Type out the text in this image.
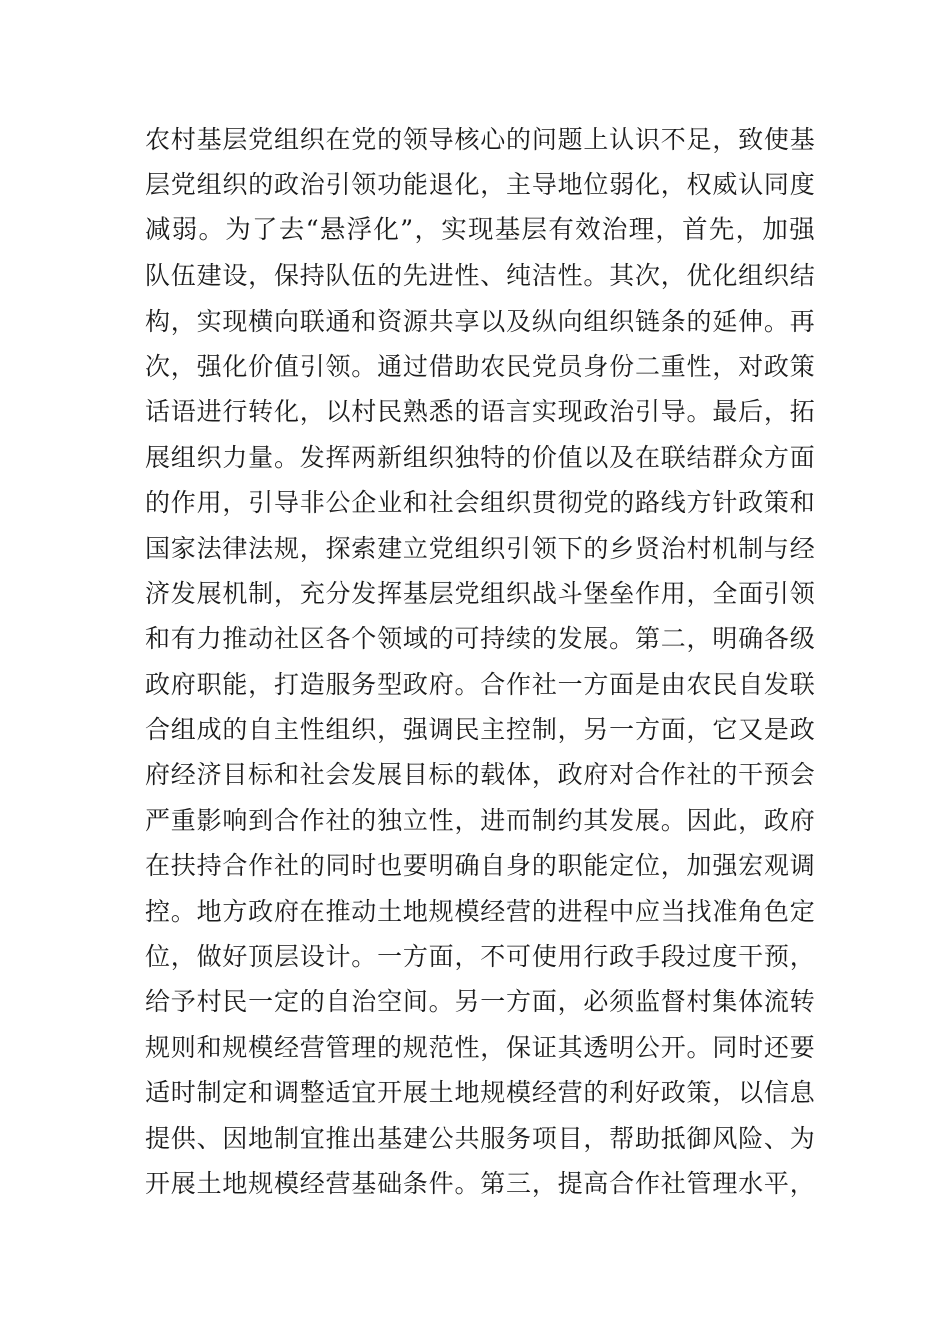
农村基层党组织在党的领导核心的问题上认识不足，致使基
层党组织的政治引领功能退化，主导地位弱化，权威认同度
减弱。为了去“悬浮化”，实现基层有效治理，首先，加强
队伍建设，保持队伍的先进性、纯洁性。其次，优化组织结
构，实现横向联通和资源共享以及纵向组织链条的延伸。再
次，强化价值引领。通过借助农民党员身份二重性，对政策
话语进行转化，以村民熟悉的语言实现政治引导。最后，拓
展组织力量。发挥两新组织独特的价值以及在联结群众方面
的作用，引导非公企业和社会组织贯彻党的路线方针政策和
国家法律法规，探索建立党组织引领下的乡贤治村机制与经
济发展机制，充分发挥基层党组织战斗堡垒作用，全面引领
和有力推动社区各个领域的可持续的发展。第二，明确各级
政府职能，打造服务型政府。合作社一方面是由农民自发联
合组成的自主性组织，强调民主控制，另一方面，它又是政
府经济目标和社会发展目标的载体，政府对合作社的干预会
严重影响到合作社的独立性，进而制约其发展。因此，政府
在扶持合作社的同时也要明确自身的职能定位，加强宏观调
控。地方政府在推动土地规模经营的进程中应当找准角色定
位，做好顶层设计。一方面，不可使用行政手段过度干预，
给予村民一定的自治空间。另一方面，必须监督村集体流转
规则和规模经营管理的规范性，保证其透明公开。同时还要
适时制定和调整适宜开展土地规模经营的利好政策，以信息
提供、因地制宜推出基建公共服务项目，帮助抵御风险、为
开展土地规模经营基础条件。第三，提高合作社管理水平，
